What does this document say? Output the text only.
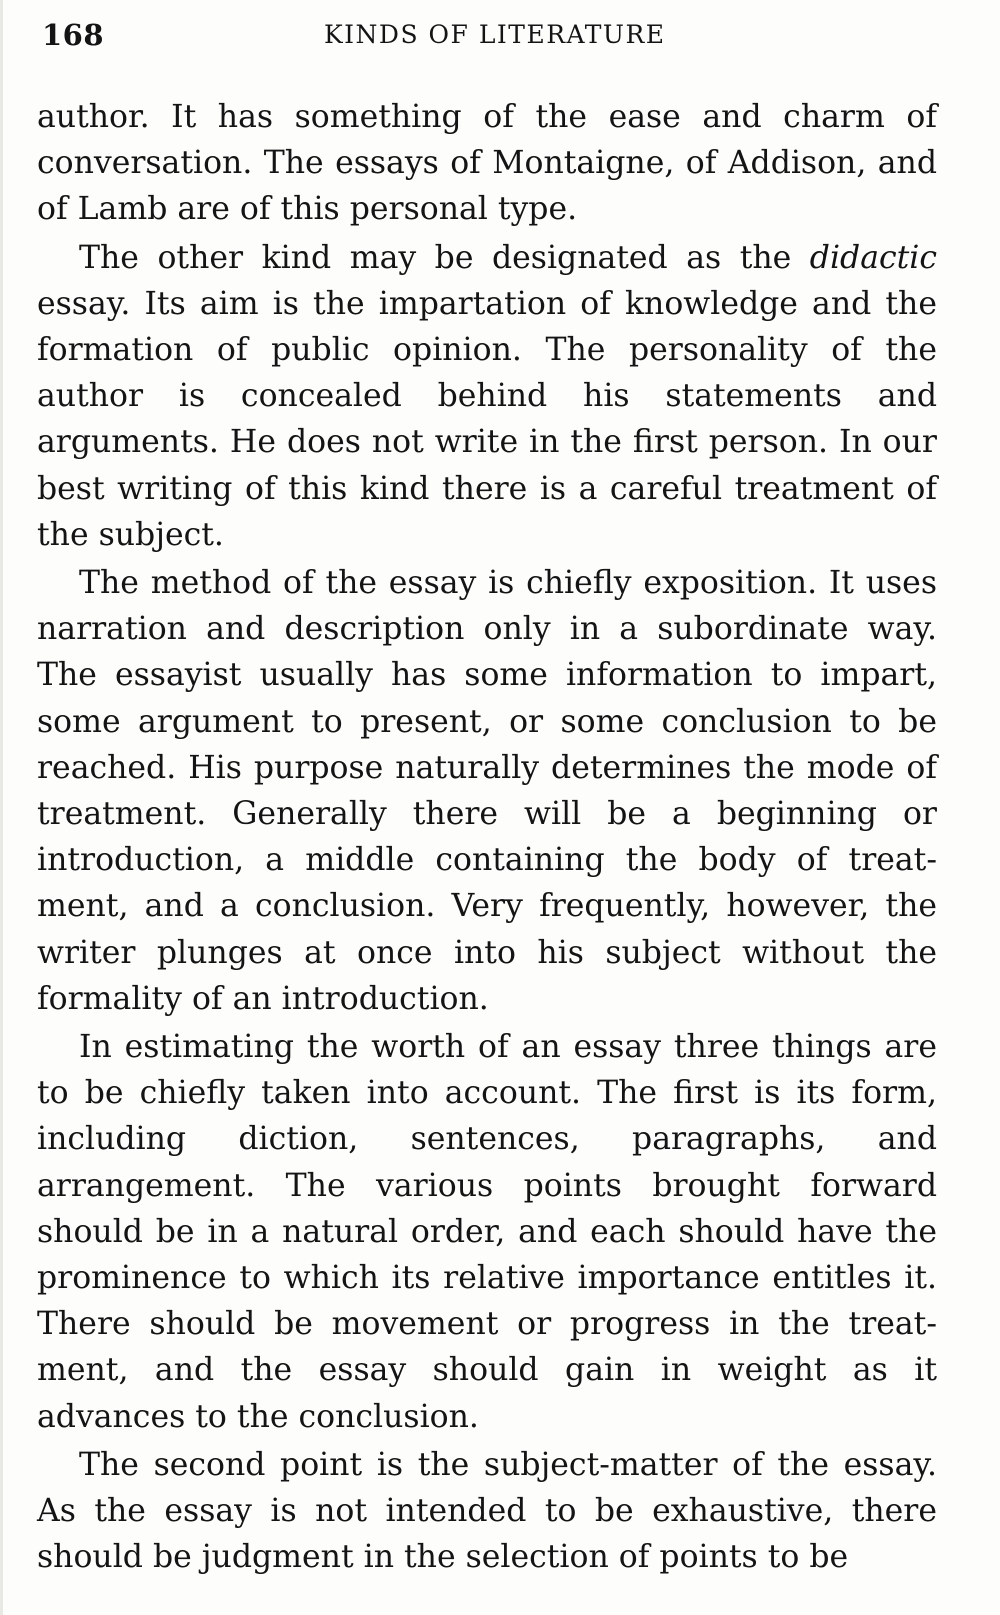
168	KINDS OF LITERATURE

author. It has something of the ease and charm of conversation. The essays of Montaigne, of Addison, and of Lamb are of this personal type.

The other kind may be designated as the didactic essay. Its aim is the impartation of knowledge and the formation of public opinion. The personality of the author is concealed behind his statements and arguments. He does not write in the first person. In our best writing of this kind there is a careful treatment of the subject.

The method of the essay is chiefly exposition. It uses narration and description only in a subordinate way. The essayist usually has some information to impart, some argument to present, or some conclusion to be reached. His purpose naturally determines the mode of treatment. Generally there will be a beginning or introduction, a middle containing the body of treatment, and a conclusion. Very frequently, however, the writer plunges at once into his subject without the formality of an introduction.

In estimating the worth of an essay three things are to be chiefly taken into account. The first is its form, including diction, sentences, paragraphs, and arrangement. The various points brought forward should be in a natural order, and each should have the prominence to which its relative importance entitles it. There should be movement or progress in the treatment, and the essay should gain in weight as it advances to the conclusion.

The second point is the subject-matter of the essay. As the essay is not intended to be exhaustive, there should be judgment in the selection of points to be
